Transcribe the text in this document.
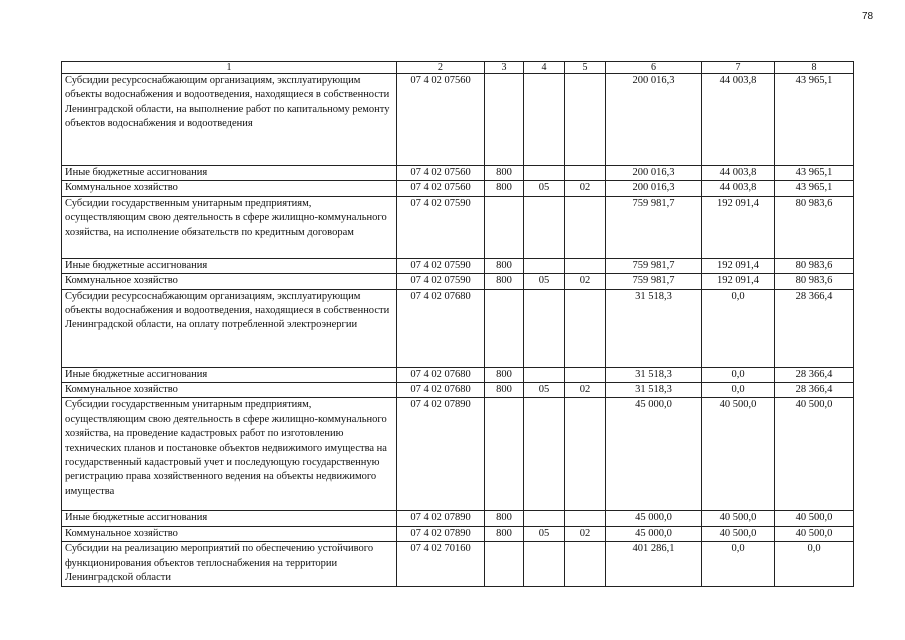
78
1	2	3	4	5	6	7	8
Субсидии ресурсоснабжающим организациям, эксплуатирующим объекты водоснабжения и водоотведения, находящиеся в собственности Ленинградской области, на выполнение работ по капитальному ремонту объектов водоснабжения и водоотведения	07 4 02 07560				200 016,3	44 003,8	43 965,1
Иные бюджетные ассигнования	07 4 02 07560	800			200 016,3	44 003,8	43 965,1
Коммунальное хозяйство	07 4 02 07560	800	05	02	200 016,3	44 003,8	43 965,1
Субсидии государственным унитарным предприятиям, осуществляющим свою деятельность в сфере жилищно-коммунального хозяйства, на исполнение обязательств по кредитным договорам	07 4 02 07590				759 981,7	192 091,4	80 983,6
Иные бюджетные ассигнования	07 4 02 07590	800			759 981,7	192 091,4	80 983,6
Коммунальное хозяйство	07 4 02 07590	800	05	02	759 981,7	192 091,4	80 983,6
Субсидии ресурсоснабжающим организациям, эксплуатирующим объекты водоснабжения и водоотведения, находящиеся в собственности Ленинградской области, на оплату потребленной электроэнергии	07 4 02 07680				31 518,3	0,0	28 366,4
Иные бюджетные ассигнования	07 4 02 07680	800			31 518,3	0,0	28 366,4
Коммунальное хозяйство	07 4 02 07680	800	05	02	31 518,3	0,0	28 366,4
Субсидии государственным унитарным предприятиям, осуществляющим свою деятельность в сфере жилищно-коммунального хозяйства, на проведение кадастровых работ по изготовлению технических планов и постановке объектов недвижимого имущества на государственный кадастровый учет и последующую государственную регистрацию права хозяйственного ведения на объекты недвижимого имущества	07 4 02 07890				45 000,0	40 500,0	40 500,0
Иные бюджетные ассигнования	07 4 02 07890	800			45 000,0	40 500,0	40 500,0
Коммунальное хозяйство	07 4 02 07890	800	05	02	45 000,0	40 500,0	40 500,0
Субсидии на реализацию мероприятий по обеспечению устойчивого функционирования объектов теплоснабжения на территории Ленинградской области	07 4 02 70160				401 286,1	0,0	0,0
